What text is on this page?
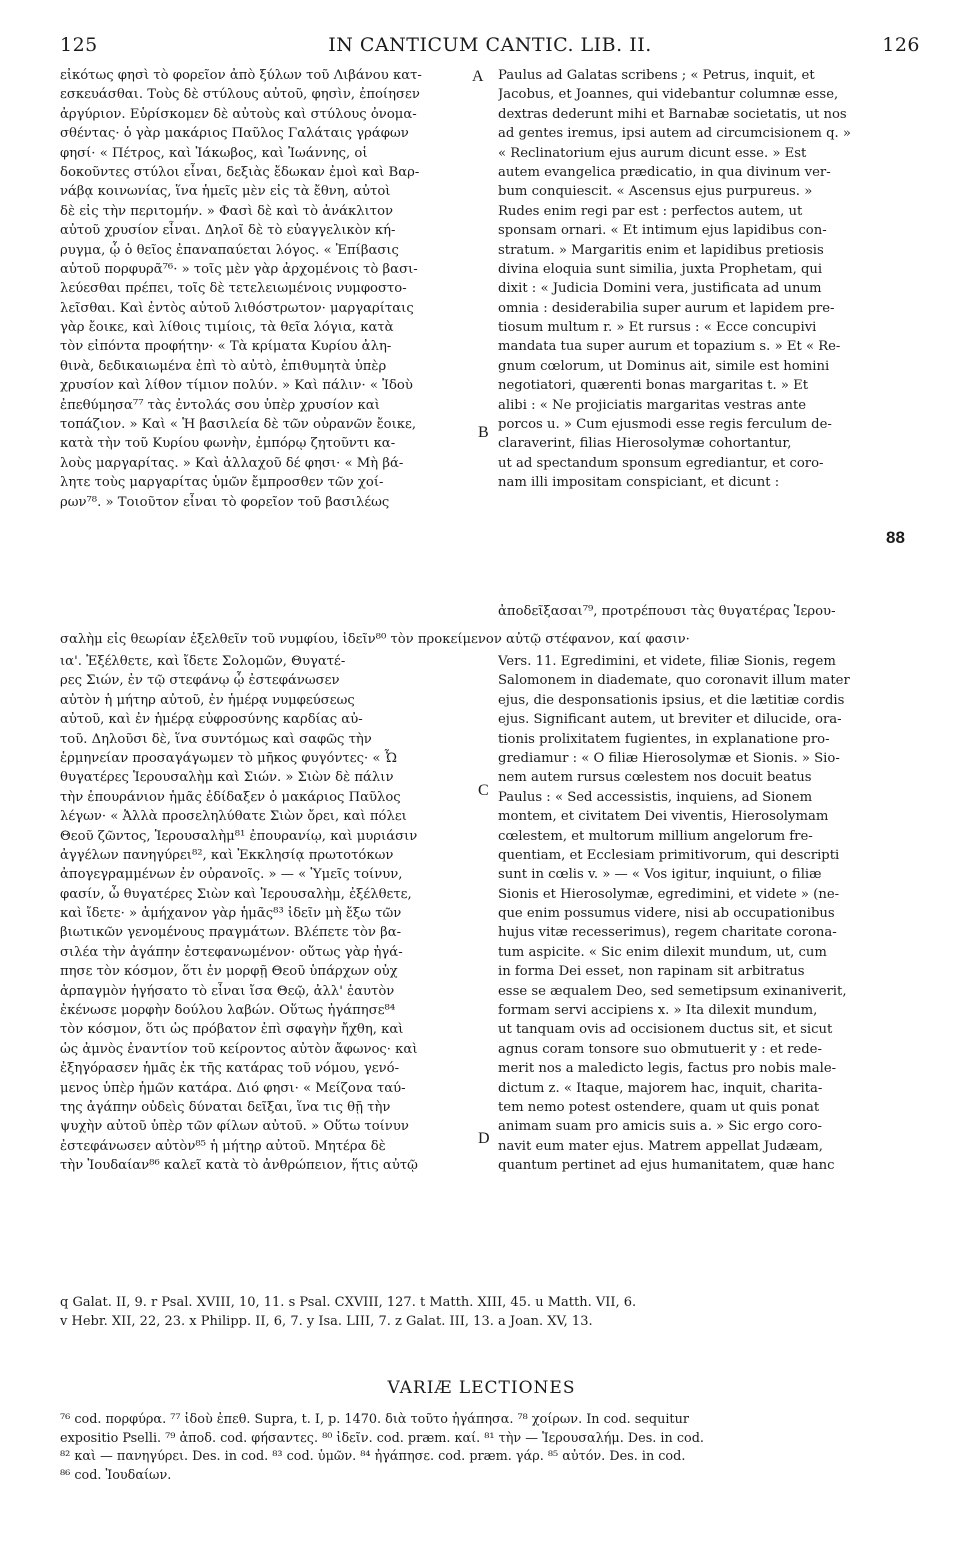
125	IN CANTICUM CANTIC. LIB. II.	126
εἰκότως φησὶ τὸ φορεῖον ἀπὸ ξύλων τοῦ Λιβάνου κατ-
εσκευάσθαι. Τοὺς δὲ στύλους αὐτοῦ, φησὶν, ἐποίησεν
ἀργύριον. Εὑρίσκομεν δὲ αὐτοὺς καὶ στύλους ὀνομα-
σθέντας· ὁ γὰρ μακάριος Παῦλος Γαλάταις γράφων
φησί· « Πέτρος, καὶ Ἰάκωβος, καὶ Ἰωάννης, οἱ
δοκοῦντες στύλοι εἶναι, δεξιὰς ἔδωκαν ἐμοὶ καὶ Βαρ-
νάβᾳ κοινωνίας, ἵνα ἡμεῖς μὲν εἰς τὰ ἔθνη, αὐτοὶ
δὲ εἰς τὴν περιτομήν. » Φασὶ δὲ καὶ τὸ ἀνάκλιτον
αὐτοῦ χρυσίον εἶναι. Δηλοῖ δὲ τὸ εὐαγγελικὸν κή-
ρυγμα, ᾧ ὁ θεῖος ἐπαναπαύεται λόγος. « Ἐπίβασις
αὐτοῦ πορφυρᾶ⁷⁶· » τοῖς μὲν γὰρ ἀρχομένοις τὸ βασι-
λεύεσθαι πρέπει, τοῖς δὲ τετελειωμένοις νυμφοστο-
λεῖσθαι. Καὶ ἐντὸς αὐτοῦ λιθόστρωτον· μαργαρίταις
γὰρ ἔοικε, καὶ λίθοις τιμίοις, τὰ θεῖα λόγια, κατὰ
τὸν εἰπόντα προφήτην· « Τὰ κρίματα Κυρίου ἀλη-
θινὰ, δεδικαιωμένα ἐπὶ τὸ αὐτὸ, ἐπιθυμητὰ ὑπὲρ
χρυσίον καὶ λίθον τίμιον πολύν. » Καὶ πάλιν· « Ἰδοὺ
ἐπεθύμησα⁷⁷ τὰς ἐντολάς σου ὑπὲρ χρυσίον καὶ
τοπάζιον. » Καὶ « Ἡ βασιλεία δὲ τῶν οὐρανῶν ἔοικε,
κατὰ τὴν τοῦ Κυρίου φωνὴν, ἐμπόρῳ ζητοῦντι κα-
λοὺς μαργαρίτας. » Καὶ ἀλλαχοῦ δέ φησι· « Μὴ βά-
λητε τοὺς μαργαρίτας ὑμῶν ἔμπροσθεν τῶν χοί-
ρων⁷⁸. » Τοιοῦτον εἶναι τὸ φορεῖον τοῦ βασιλέως
Paulus ad Galatas scribens ; « Petrus, inquit, et
Jacobus, et Joannes, qui videbantur columnæ esse,
dextras dederunt mihi et Barnabæ societatis, ut nos
ad gentes iremus, ipsi autem ad circumcisionem q. »
« Reclinatorium ejus aurum dicunt esse. » Est
autem evangelica prædicatio, in qua divinum ver-
bum conquiescit. « Ascensus ejus purpureus. »
Rudes enim regi par est : perfectos autem, ut
sponsam ornari. « Et intimum ejus lapidibus con-
stratum. » Margaritis enim et lapidibus pretiosis
divina eloquia sunt similia, juxta Prophetam, qui
dixit : « Judicia Domini vera, justificata ad unum
omnia : desiderabilia super aurum et lapidem pre-
tiosum multum r. » Et rursus : « Ecce concupivi
mandata tua super aurum et topazium s. » Et « Re-
gnum cœlorum, ut Dominus ait, simile est homini
negotiatori, quærenti bonas margaritas t. » Et
alibi : « Ne projiciatis margaritas vestras ante
porcos u. » Cum ejusmodi esse regis ferculum de-
claraverint, filias Hierosolymæ cohortantur,
ut ad spectandum sponsum egrediantur, et coro-
nam illi impositam conspiciant, et dicunt :
88
ἀποδεῖξασαι⁷⁹, προτρέπουσι τὰς θυγατέρας Ἱερου-
σαλὴμ εἰς θεωρίαν ἐξελθεῖν τοῦ νυμφίου, ἰδεῖν⁸⁰ τὸν προκείμενον αὐτῷ στέφανον, καί φασιν·
ια'. Ἐξέλθετε, καὶ ἴδετε Σολομῶν, Θυγατέ-
ρες Σιών, ἐν τῷ στεφάνῳ ᾧ ἐστεφάνωσεν
αὐτὸν ἡ μήτηρ αὐτοῦ, ἐν ἡμέρᾳ νυμφεύσεως
αὐτοῦ, καὶ ἐν ἡμέρᾳ εὐφροσύνης καρδίας αὐ-
τοῦ. Δηλοῦσι δὲ, ἵνα συντόμως καὶ σαφῶς τὴν
ἑρμηνείαν προσαγάγωμεν τὸ μῆκος φυγόντες· « Ὦ
θυγατέρες Ἱερουσαλὴμ καὶ Σιών. » Σιὼν δὲ πάλιν
τὴν ἐπουράνιον ἡμᾶς ἐδίδαξεν ὁ μακάριος Παῦλος
λέγων· « Ἀλλὰ προσεληλύθατε Σιὼν ὄρει, καὶ πόλει
Θεοῦ ζῶντος, Ἱερουσαλὴμ⁸¹ ἐπουρανίῳ, καὶ μυριάσιν
ἀγγέλων πανηγύρει⁸², καὶ Ἐκκλησίᾳ πρωτοτόκων
ἀπογεγραμμένων ἐν οὐρανοῖς. » — « Ὑμεῖς τοίνυν,
φασίν, ὦ θυγατέρες Σιὼν καὶ Ἱερουσαλὴμ, ἐξέλθετε,
καὶ ἴδετε· » ἀμήχανον γὰρ ἡμᾶς⁸³ ἰδεῖν μὴ ἔξω τῶν
βιωτικῶν γενομένους πραγμάτων. Βλέπετε τὸν βα-
σιλέα τὴν ἀγάπην ἐστεφανωμένον· οὕτως γὰρ ἠγά-
πησε τὸν κόσμον, ὅτι ἐν μορφῇ Θεοῦ ὑπάρχων οὐχ
ἁρπαγμὸν ἡγήσατο τὸ εἶναι ἴσα Θεῷ, ἀλλ' ἑαυτὸν
ἐκένωσε μορφὴν δούλου λαβών. Οὕτως ἠγάπησε⁸⁴
τὸν κόσμον, ὅτι ὡς πρόβατον ἐπὶ σφαγὴν ἤχθη, καὶ
ὡς ἀμνὸς ἐναντίον τοῦ κείροντος αὐτὸν ἄφωνος· καὶ
ἐξηγόρασεν ἡμᾶς ἐκ τῆς κατάρας τοῦ νόμου, γενό-
μενος ὑπὲρ ἡμῶν κατάρα. Διό φησι· « Μείζονα ταύ-
της ἀγάπην οὐδεὶς δύναται δεῖξαι, ἵνα τις θῇ τὴν
ψυχὴν αὐτοῦ ὑπὲρ τῶν φίλων αὐτοῦ. » Οὕτω τοίνυν
ἐστεφάνωσεν αὐτὸν⁸⁵ ἡ μήτηρ αὐτοῦ. Μητέρα δὲ
τὴν Ἰουδαίαν⁸⁶ καλεῖ κατὰ τὸ ἀνθρώπειον, ἥτις αὐτῷ
Vers. 11. Egredimini, et videte, filiæ Sionis, regem
Salomonem in diademate, quo coronavit illum mater
ejus, die desponsationis ipsius, et die lætitiæ cordis
ejus. Significant autem, ut breviter et dilucide, ora-
tionis prolixitatem fugientes, in explanatione pro-
grediamur : « O filiæ Hierosolymæ et Sionis. » Sio-
nem autem rursus cœlestem nos docuit beatus
Paulus : « Sed accessistis, inquiens, ad Sionem
montem, et civitatem Dei viventis, Hierosolymam
cœlestem, et multorum millium angelorum fre-
quentiam, et Ecclesiam primitivorum, qui descripti
sunt in cœlis v. » — « Vos igitur, inquiunt, o filiæ
Sionis et Hierosolymæ, egredimini, et videte » (ne-
que enim possumus videre, nisi ab occupationibus
hujus vitæ recesserimus), regem charitate corona-
tum aspicite. « Sic enim dilexit mundum, ut, cum
in forma Dei esset, non rapinam sit arbitratus
esse se æqualem Deo, sed semetipsum exinaniverit,
formam servi accipiens x. » Ita dilexit mundum,
ut tanquam ovis ad occisionem ductus sit, et sicut
agnus coram tonsore suo obmutuerit y : et rede-
merit nos a maledicto legis, factus pro nobis male-
dictum z. « Itaque, majorem hac, inquit, charita-
tem nemo potest ostendere, quam ut quis ponat
animam suam pro amicis suis a. » Sic ergo coro-
navit eum mater ejus. Matrem appellat Judæam,
quantum pertinet ad ejus humanitatem, quæ hanc
A
B
C
D
q Galat. II, 9. r Psal. XVIII, 10, 11. s Psal. CXVIII, 127. t Matth. XIII, 45. u Matth. VII, 6.
v Hebr. XII, 22, 23. x Philipp. II, 6, 7. y Isa. LIII, 7. z Galat. III, 13. a Joan. XV, 13.
VARIÆ LECTIONES
⁷⁶ cod. πορφύρα. ⁷⁷ ἰδοὺ ἐπεθ. Supra, t. I, p. 1470. διὰ τοῦτο ἠγάπησα. ⁷⁸ χοίρων. In cod. sequitur
expositio Pselli. ⁷⁹ ἀποδ. cod. φήσαντες. ⁸⁰ ἰδεῖν. cod. præm. καί. ⁸¹ τὴν — Ἱερουσαλήμ. Des. in cod.
⁸² καὶ — πανηγύρει. Des. in cod. ⁸³ cod. ὑμῶν. ⁸⁴ ἠγάπησε. cod. præm. γάρ. ⁸⁵ αὐτόν. Des. in cod.
⁸⁶ cod. Ἰουδαίων.
